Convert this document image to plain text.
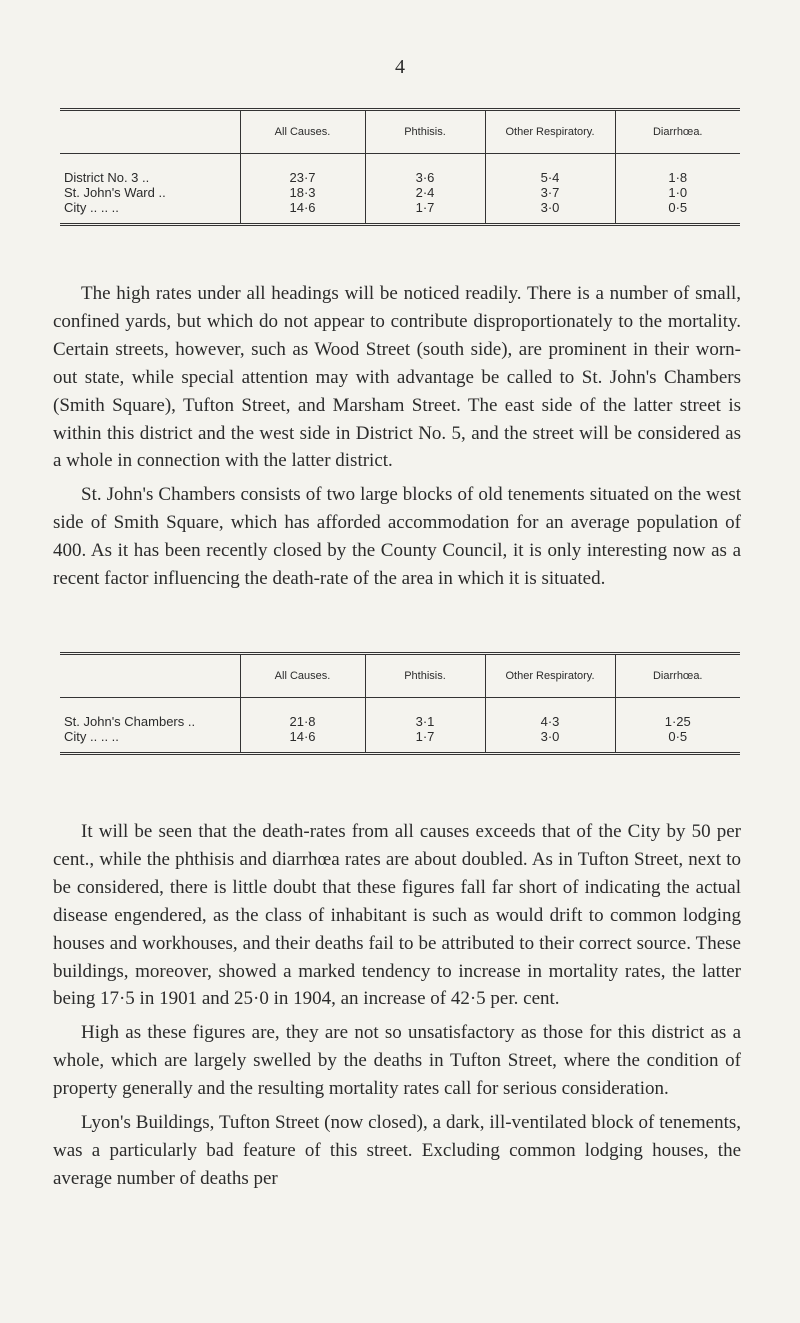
4
	All Causes.	Phthisis.	Other Respiratory.	Diarrhœa.
District No. 3 ..	23·7	3·6	5·4	1·8
St. John's Ward ..	18·3	2·4	3·7	1·0
City .. .. ..	14·6	1·7	3·0	0·5

The high rates under all headings will be noticed readily. There is a number of small, confined yards, but which do not appear to contribute disproportionately to the mortality. Certain streets, however, such as Wood Street (south side), are prominent in their worn-out state, while special attention may with advantage be called to St. John's Chambers (Smith Square), Tufton Street, and Marsham Street. The east side of the latter street is within this district and the west side in District No. 5, and the street will be considered as a whole in connection with the latter district.

St. John's Chambers consists of two large blocks of old tenements situated on the west side of Smith Square, which has afforded accommodation for an average population of 400. As it has been recently closed by the County Council, it is only interesting now as a recent factor influencing the death-rate of the area in which it is situated.

	All Causes.	Phthisis.	Other Respiratory.	Diarrhœa.
St. John's Chambers ..	21·8	3·1	4·3	1·25
City .. .. ..	14·6	1·7	3·0	0·5

It will be seen that the death-rates from all causes exceeds that of the City by 50 per cent., while the phthisis and diarrhœa rates are about doubled. As in Tufton Street, next to be considered, there is little doubt that these figures fall far short of indicating the actual disease engendered, as the class of inhabitant is such as would drift to common lodging houses and workhouses, and their deaths fail to be attributed to their correct source. These buildings, moreover, showed a marked tendency to increase in mortality rates, the latter being 17·5 in 1901 and 25·0 in 1904, an increase of 42·5 per. cent.

High as these figures are, they are not so unsatisfactory as those for this district as a whole, which are largely swelled by the deaths in Tufton Street, where the condition of property generally and the resulting mortality rates call for serious consideration.

Lyon's Buildings, Tufton Street (now closed), a dark, ill-ventilated block of tenements, was a particularly bad feature of this street. Excluding common lodging houses, the average number of deaths per
